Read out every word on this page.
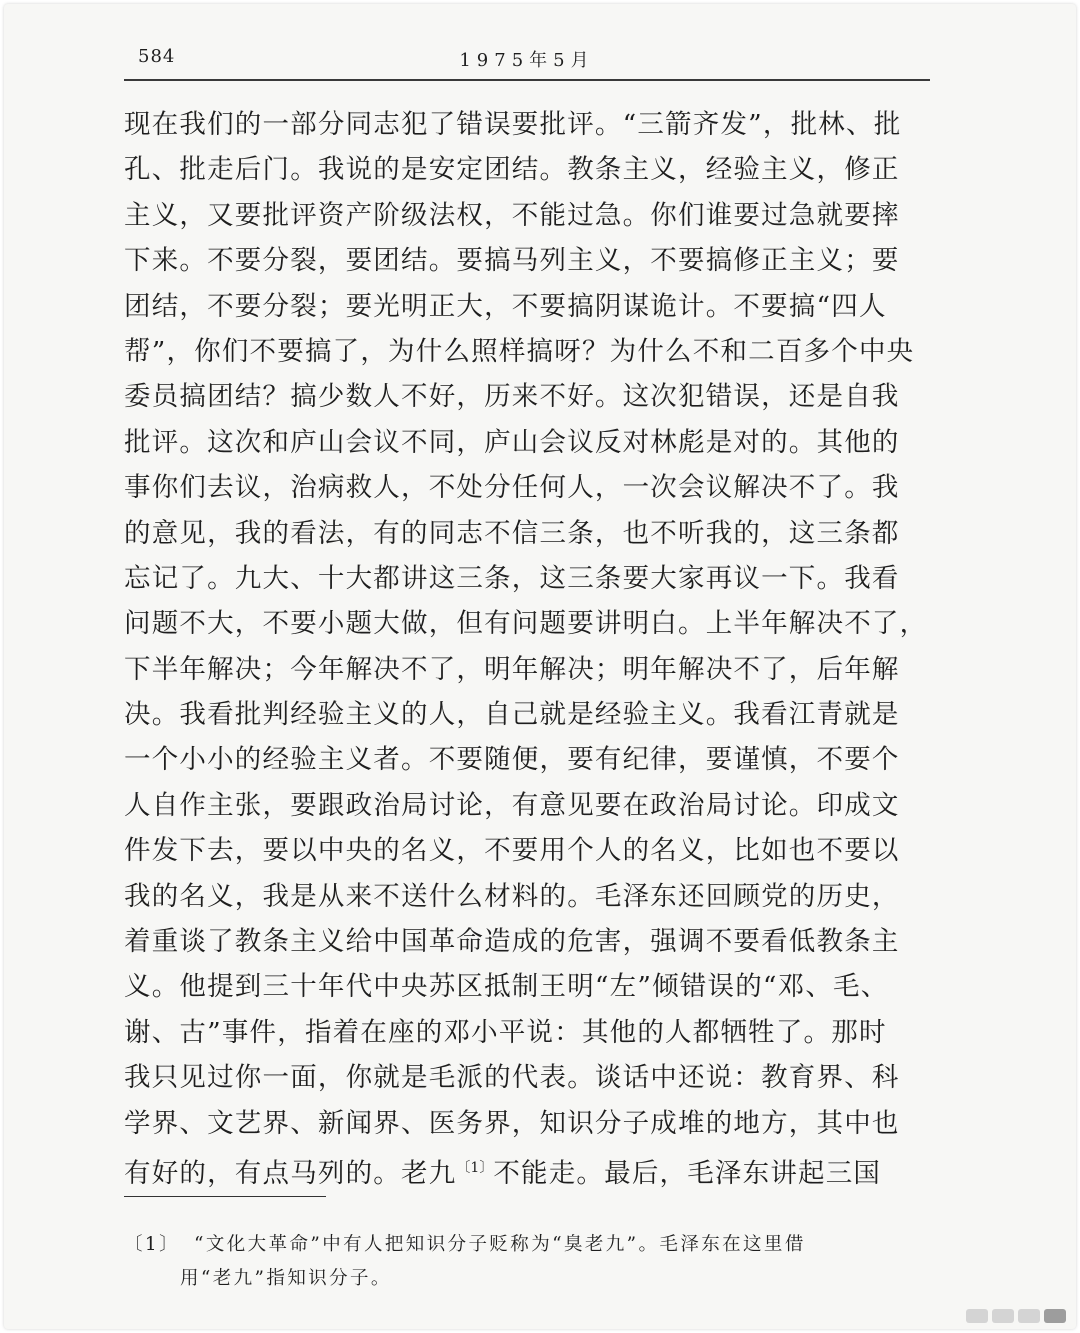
584	1975年5月
现在我们的一部分同志犯了错误要批评。“三箭齐发”，批林、批
孔、批走后门。我说的是安定团结。教条主义，经验主义，修正
主义，又要批评资产阶级法权，不能过急。你们谁要过急就要摔
下来。不要分裂，要团结。要搞马列主义，不要搞修正主义；要
团结，不要分裂；要光明正大，不要搞阴谋诡计。不要搞“四人
帮”，你们不要搞了，为什么照样搞呀？为什么不和二百多个中央
委员搞团结？搞少数人不好，历来不好。这次犯错误，还是自我
批评。这次和庐山会议不同，庐山会议反对林彪是对的。其他的
事你们去议，治病救人，不处分任何人，一次会议解决不了。我
的意见，我的看法，有的同志不信三条，也不听我的，这三条都
忘记了。九大、十大都讲这三条，这三条要大家再议一下。我看
问题不大，不要小题大做，但有问题要讲明白。上半年解决不了，
下半年解决；今年解决不了，明年解决；明年解决不了，后年解
决。我看批判经验主义的人，自己就是经验主义。我看江青就是
一个小小的经验主义者。不要随便，要有纪律，要谨慎，不要个
人自作主张，要跟政治局讨论，有意见要在政治局讨论。印成文
件发下去，要以中央的名义，不要用个人的名义，比如也不要以
我的名义，我是从来不送什么材料的。毛泽东还回顾党的历史，
着重谈了教条主义给中国革命造成的危害，强调不要看低教条主
义。他提到三十年代中央苏区抵制王明“左”倾错误的“邓、毛、
谢、古”事件，指着在座的邓小平说：其他的人都牺牲了。那时
我只见过你一面，你就是毛派的代表。谈话中还说：教育界、科
学界、文艺界、新闻界、医务界，知识分子成堆的地方，其中也
有好的，有点马列的。老九$^{〔1〕}$不能走。最后，毛泽东讲起三国
〔1〕 “文化大革命”中有人把知识分子贬称为“臭老九”。毛泽东在这里借
用“老九”指知识分子。
